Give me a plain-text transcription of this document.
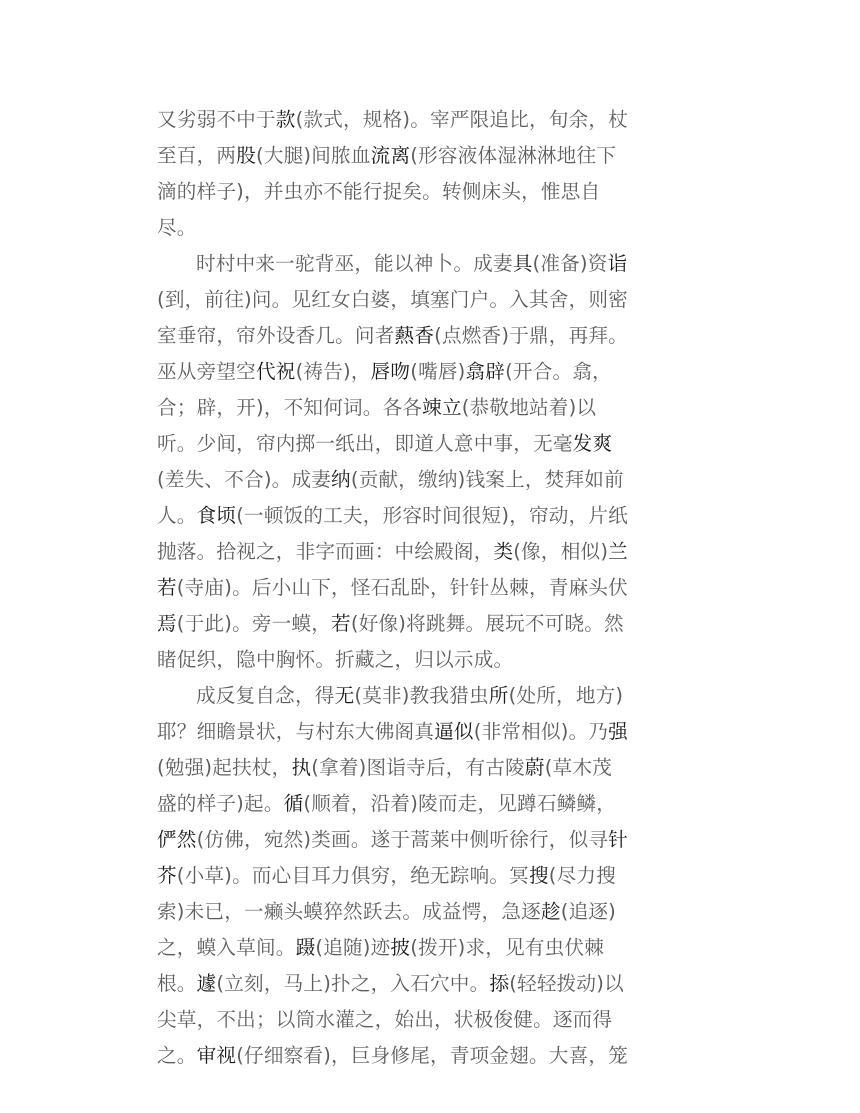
又劣弱不中于款(款式，规格)。宰严限追比，旬余，杖
至百，两股(大腿)间脓血流离(形容液体湿淋淋地往下
滴的样子)，并虫亦不能行捉矣。转侧床头，惟思自
尽。
时村中来一驼背巫，能以神卜。成妻具(准备)资诣
(到，前往)问。见红女白婆，填塞门户。入其舍，则密
室垂帘，帘外设香几。问者爇香(点燃香)于鼎，再拜。
巫从旁望空代祝(祷告)，唇吻(嘴唇)翕辟(开合。翕，
合；辟，开)，不知何词。各各竦立(恭敬地站着)以
听。少间，帘内掷一纸出，即道人意中事，无毫发爽
(差失、不合)。成妻纳(贡献，缴纳)钱案上，焚拜如前
人。食顷(一顿饭的工夫，形容时间很短)，帘动，片纸
抛落。拾视之，非字而画：中绘殿阁，类(像，相似)兰
若(寺庙)。后小山下，怪石乱卧，针针丛棘，青麻头伏
焉(于此)。旁一蟆，若(好像)将跳舞。展玩不可晓。然
睹促织，隐中胸怀。折藏之，归以示成。
成反复自念，得无(莫非)教我猎虫所(处所，地方)
耶？细瞻景状，与村东大佛阁真逼似(非常相似)。乃强
(勉强)起扶杖，执(拿着)图诣寺后，有古陵蔚(草木茂
盛的样子)起。循(顺着，沿着)陵而走，见蹲石鳞鳞，
俨然(仿佛，宛然)类画。遂于蒿莱中侧听徐行，似寻针
芥(小草)。而心目耳力俱穷，绝无踪响。冥搜(尽力搜
索)未已，一癞头蟆猝然跃去。成益愕，急逐趁(追逐)
之，蟆入草间。蹑(追随)迹披(拨开)求，见有虫伏棘
根。遽(立刻，马上)扑之，入石穴中。掭(轻轻拨动)以
尖草，不出；以筒水灌之，始出，状极俊健。逐而得
之。审视(仔细察看)，巨身修尾，青项金翅。大喜，笼
